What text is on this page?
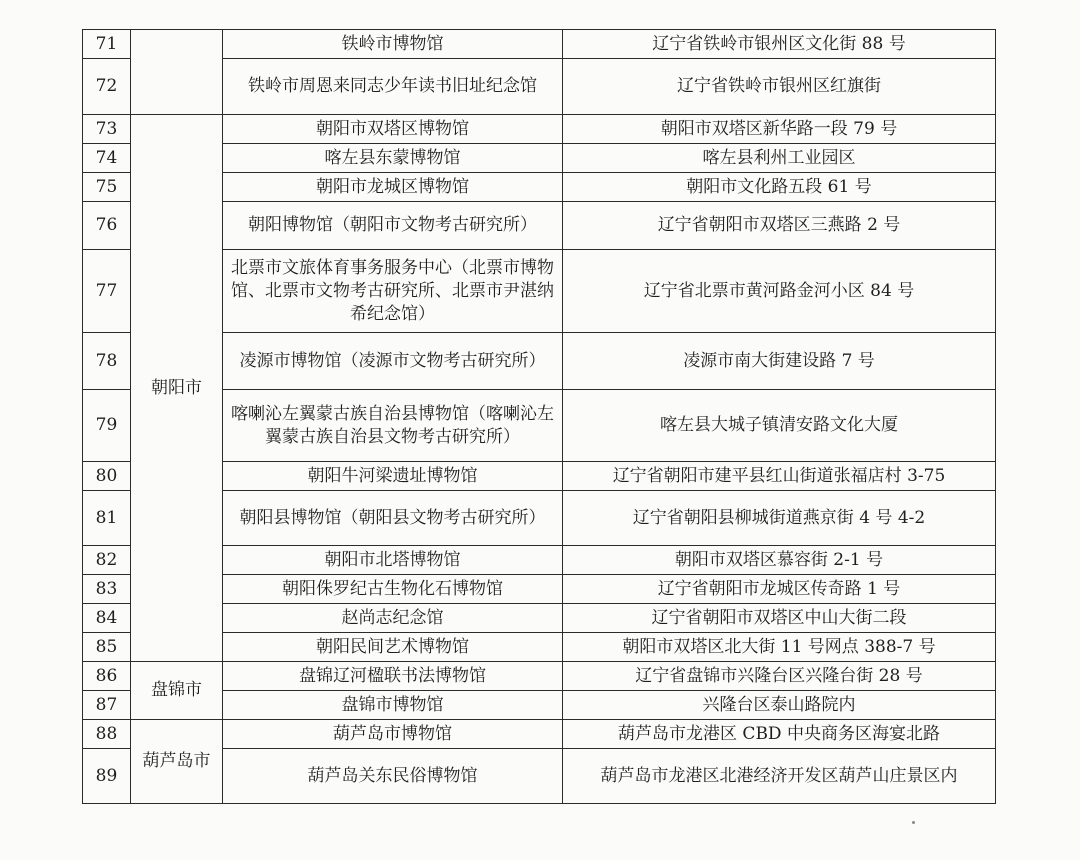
71		铁岭市博物馆	辽宁省铁岭市银州区文化街 88 号
72		铁岭市周恩来同志少年读书旧址纪念馆	辽宁省铁岭市银州区红旗街
73	朝阳市	朝阳市双塔区博物馆	朝阳市双塔区新华路一段 79 号
74		喀左县东蒙博物馆	喀左县利州工业园区
75		朝阳市龙城区博物馆	朝阳市文化路五段 61 号
76		朝阳博物馆（朝阳市文物考古研究所）	辽宁省朝阳市双塔区三燕路 2 号
77		北票市文旅体育事务服务中心（北票市博物馆、北票市文物考古研究所、北票市尹湛纳希纪念馆）	辽宁省北票市黄河路金河小区 84 号
78		凌源市博物馆（凌源市文物考古研究所）	凌源市南大街建设路 7 号
79		喀喇沁左翼蒙古族自治县博物馆（喀喇沁左翼蒙古族自治县文物考古研究所）	喀左县大城子镇清安路文化大厦
80		朝阳牛河梁遗址博物馆	辽宁省朝阳市建平县红山街道张福店村 3-75
81		朝阳县博物馆（朝阳县文物考古研究所）	辽宁省朝阳县柳城街道燕京街 4 号 4-2
82		朝阳市北塔博物馆	朝阳市双塔区慕容街 2-1 号
83		朝阳侏罗纪古生物化石博物馆	辽宁省朝阳市龙城区传奇路 1 号
84		赵尚志纪念馆	辽宁省朝阳市双塔区中山大街二段
85		朝阳民间艺术博物馆	朝阳市双塔区北大街 11 号网点 388-7 号
86	盘锦市	盘锦辽河楹联书法博物馆	辽宁省盘锦市兴隆台区兴隆台街 28 号
87		盘锦市博物馆	兴隆台区泰山路院内
88	葫芦岛市	葫芦岛市博物馆	葫芦岛市龙港区 CBD 中央商务区海宴北路
89		葫芦岛关东民俗博物馆	葫芦岛市龙港区北港经济开发区葫芦山庄景区内
